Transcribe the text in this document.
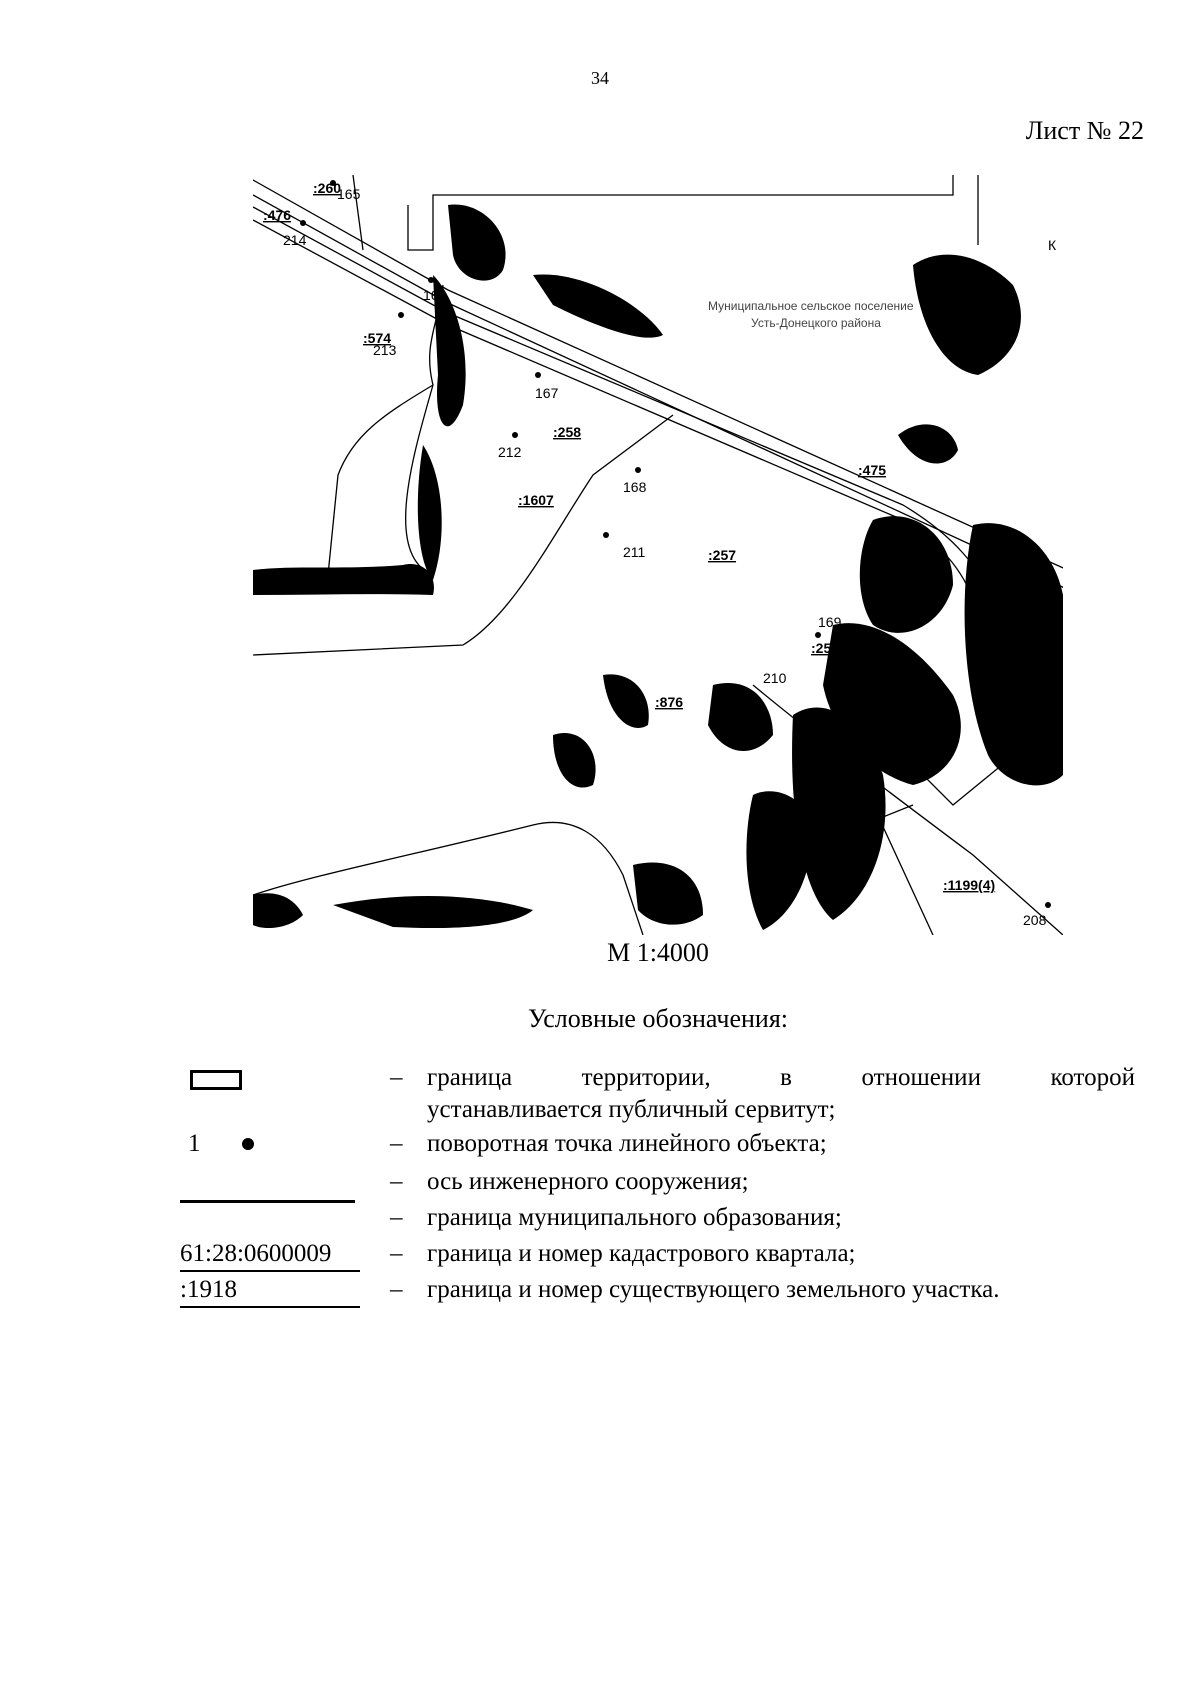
34
Лист № 22
165
214
166
213
167
212
168
211
169
210
208
:260
:476
:574
:258
:1607
:257
:256
:876
:475
:1199(4)
К
:2
Муниципальное сельское поселение
Усть-Донецкого района
М 1:4000
Условные обозначения:
– граница территории, в отношении которой
устанавливается публичный сервитут;
1	– поворотная точка линейного объекта;
– ось инженерного сооружения;
– граница муниципального образования;
61:28:0600009	– граница и номер кадастрового квартала;
:1918	– граница и номер существующего земельного участка.
